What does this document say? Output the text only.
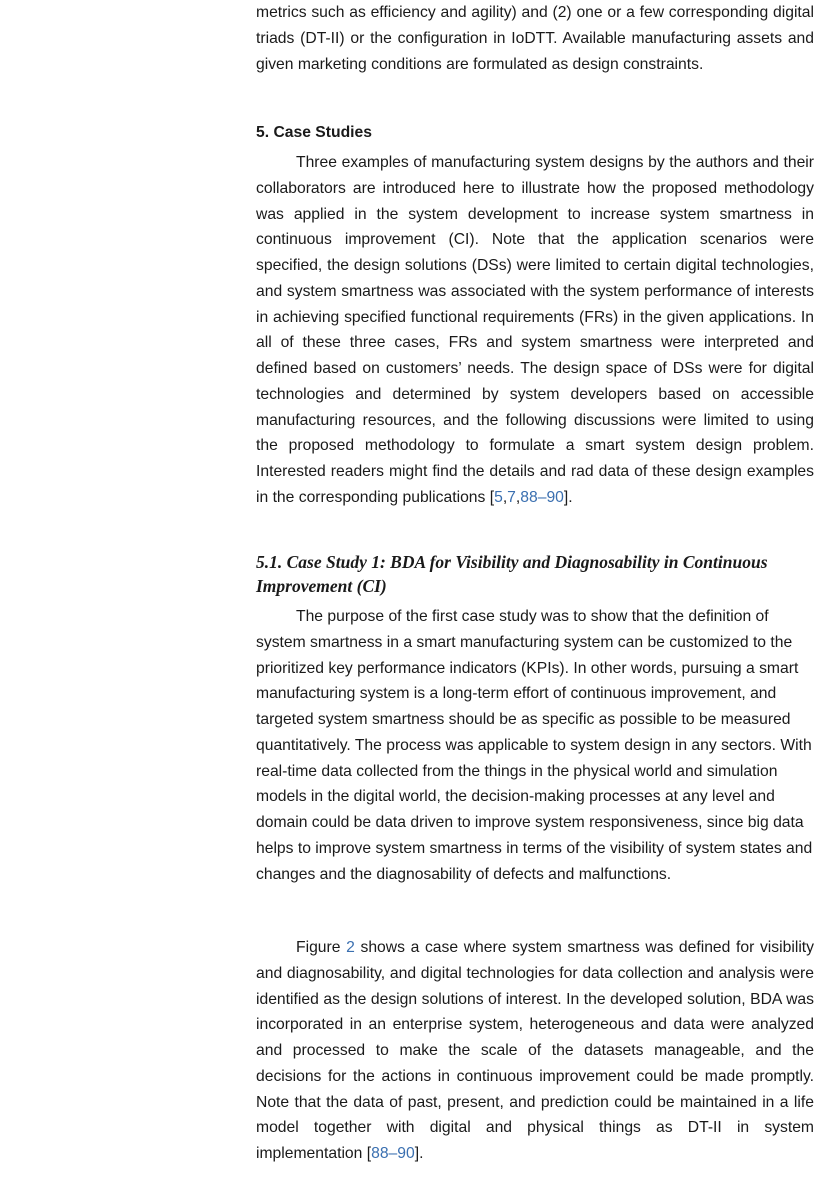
metrics such as efficiency and agility) and (2) one or a few corresponding digital triads (DT-II) or the configuration in IoDTT. Available manufacturing assets and given marketing conditions are formulated as design constraints.

5. Case Studies

Three examples of manufacturing system designs by the authors and their collaborators are introduced here to illustrate how the proposed methodology was applied in the system development to increase system smartness in continuous improvement (CI). Note that the application scenarios were specified, the design solutions (DSs) were limited to certain digital technologies, and system smartness was associated with the system performance of interests in achieving specified functional requirements (FRs) in the given applications. In all of these three cases, FRs and system smartness were interpreted and defined based on customers’ needs. The design space of DSs were for digital technologies and determined by system developers based on accessible manufacturing resources, and the following discussions were limited to using the proposed methodology to formulate a smart system design problem. Interested readers might find the details and rad data of these design examples in the corresponding publications [5,7,88–90].

5.1. Case Study 1: BDA for Visibility and Diagnosability in Continuous Improvement (CI)

The purpose of the first case study was to show that the definition of system smartness in a smart manufacturing system can be customized to the prioritized key performance indicators (KPIs). In other words, pursuing a smart manufacturing system is a long-term effort of continuous improvement, and targeted system smartness should be as specific as possible to be measured quantitatively. The process was applicable to system design in any sectors. With real-time data collected from the things in the physical world and simulation models in the digital world, the decision-making processes at any level and domain could be data driven to improve system responsiveness, since big data helps to improve system smartness in terms of the visibility of system states and changes and the diagnosability of defects and malfunctions.

Figure 2 shows a case where system smartness was defined for visibility and diagnosability, and digital technologies for data collection and analysis were identified as the design solutions of interest. In the developed solution, BDA was incorporated in an enterprise system, heterogeneous and data were analyzed and processed to make the scale of the datasets manageable, and the decisions for the actions in continuous improvement could be made promptly. Note that the data of past, present, and prediction could be maintained in a life model together with digital and physical things as DT-II in system implementation [88–90].
